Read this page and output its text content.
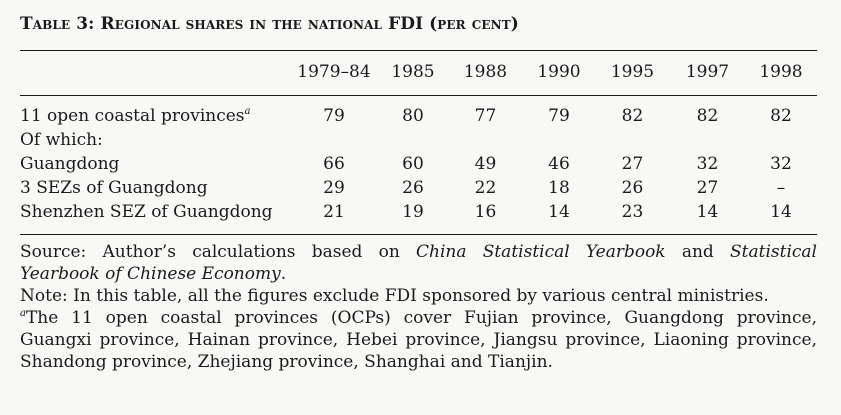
Table 3: Regional shares in the national FDI (per cent)
	1979–84	1985	1988	1990	1995	1997	1998
11 open coastal provinces$^a$	79	80	77	79	82	82	82
Of which:							
Guangdong	66	60	49	46	27	32	32
3 SEZs of Guangdong	29	26	22	18	26	27	–
Shenzhen SEZ of Guangdong	21	19	16	14	23	14	14

Source: Author’s calculations based on China Statistical Yearbook and Statistical

Yearbook of Chinese Economy.

Note: In this table, all the figures exclude FDI sponsored by various central ministries.

$^a$The 11 open coastal provinces (OCPs) cover Fujian province, Guangdong province, Guangxi province, Hainan province, Hebei province, Jiangsu province, Liaoning province, Shandong province, Zhejiang province, Shanghai and Tianjin.
